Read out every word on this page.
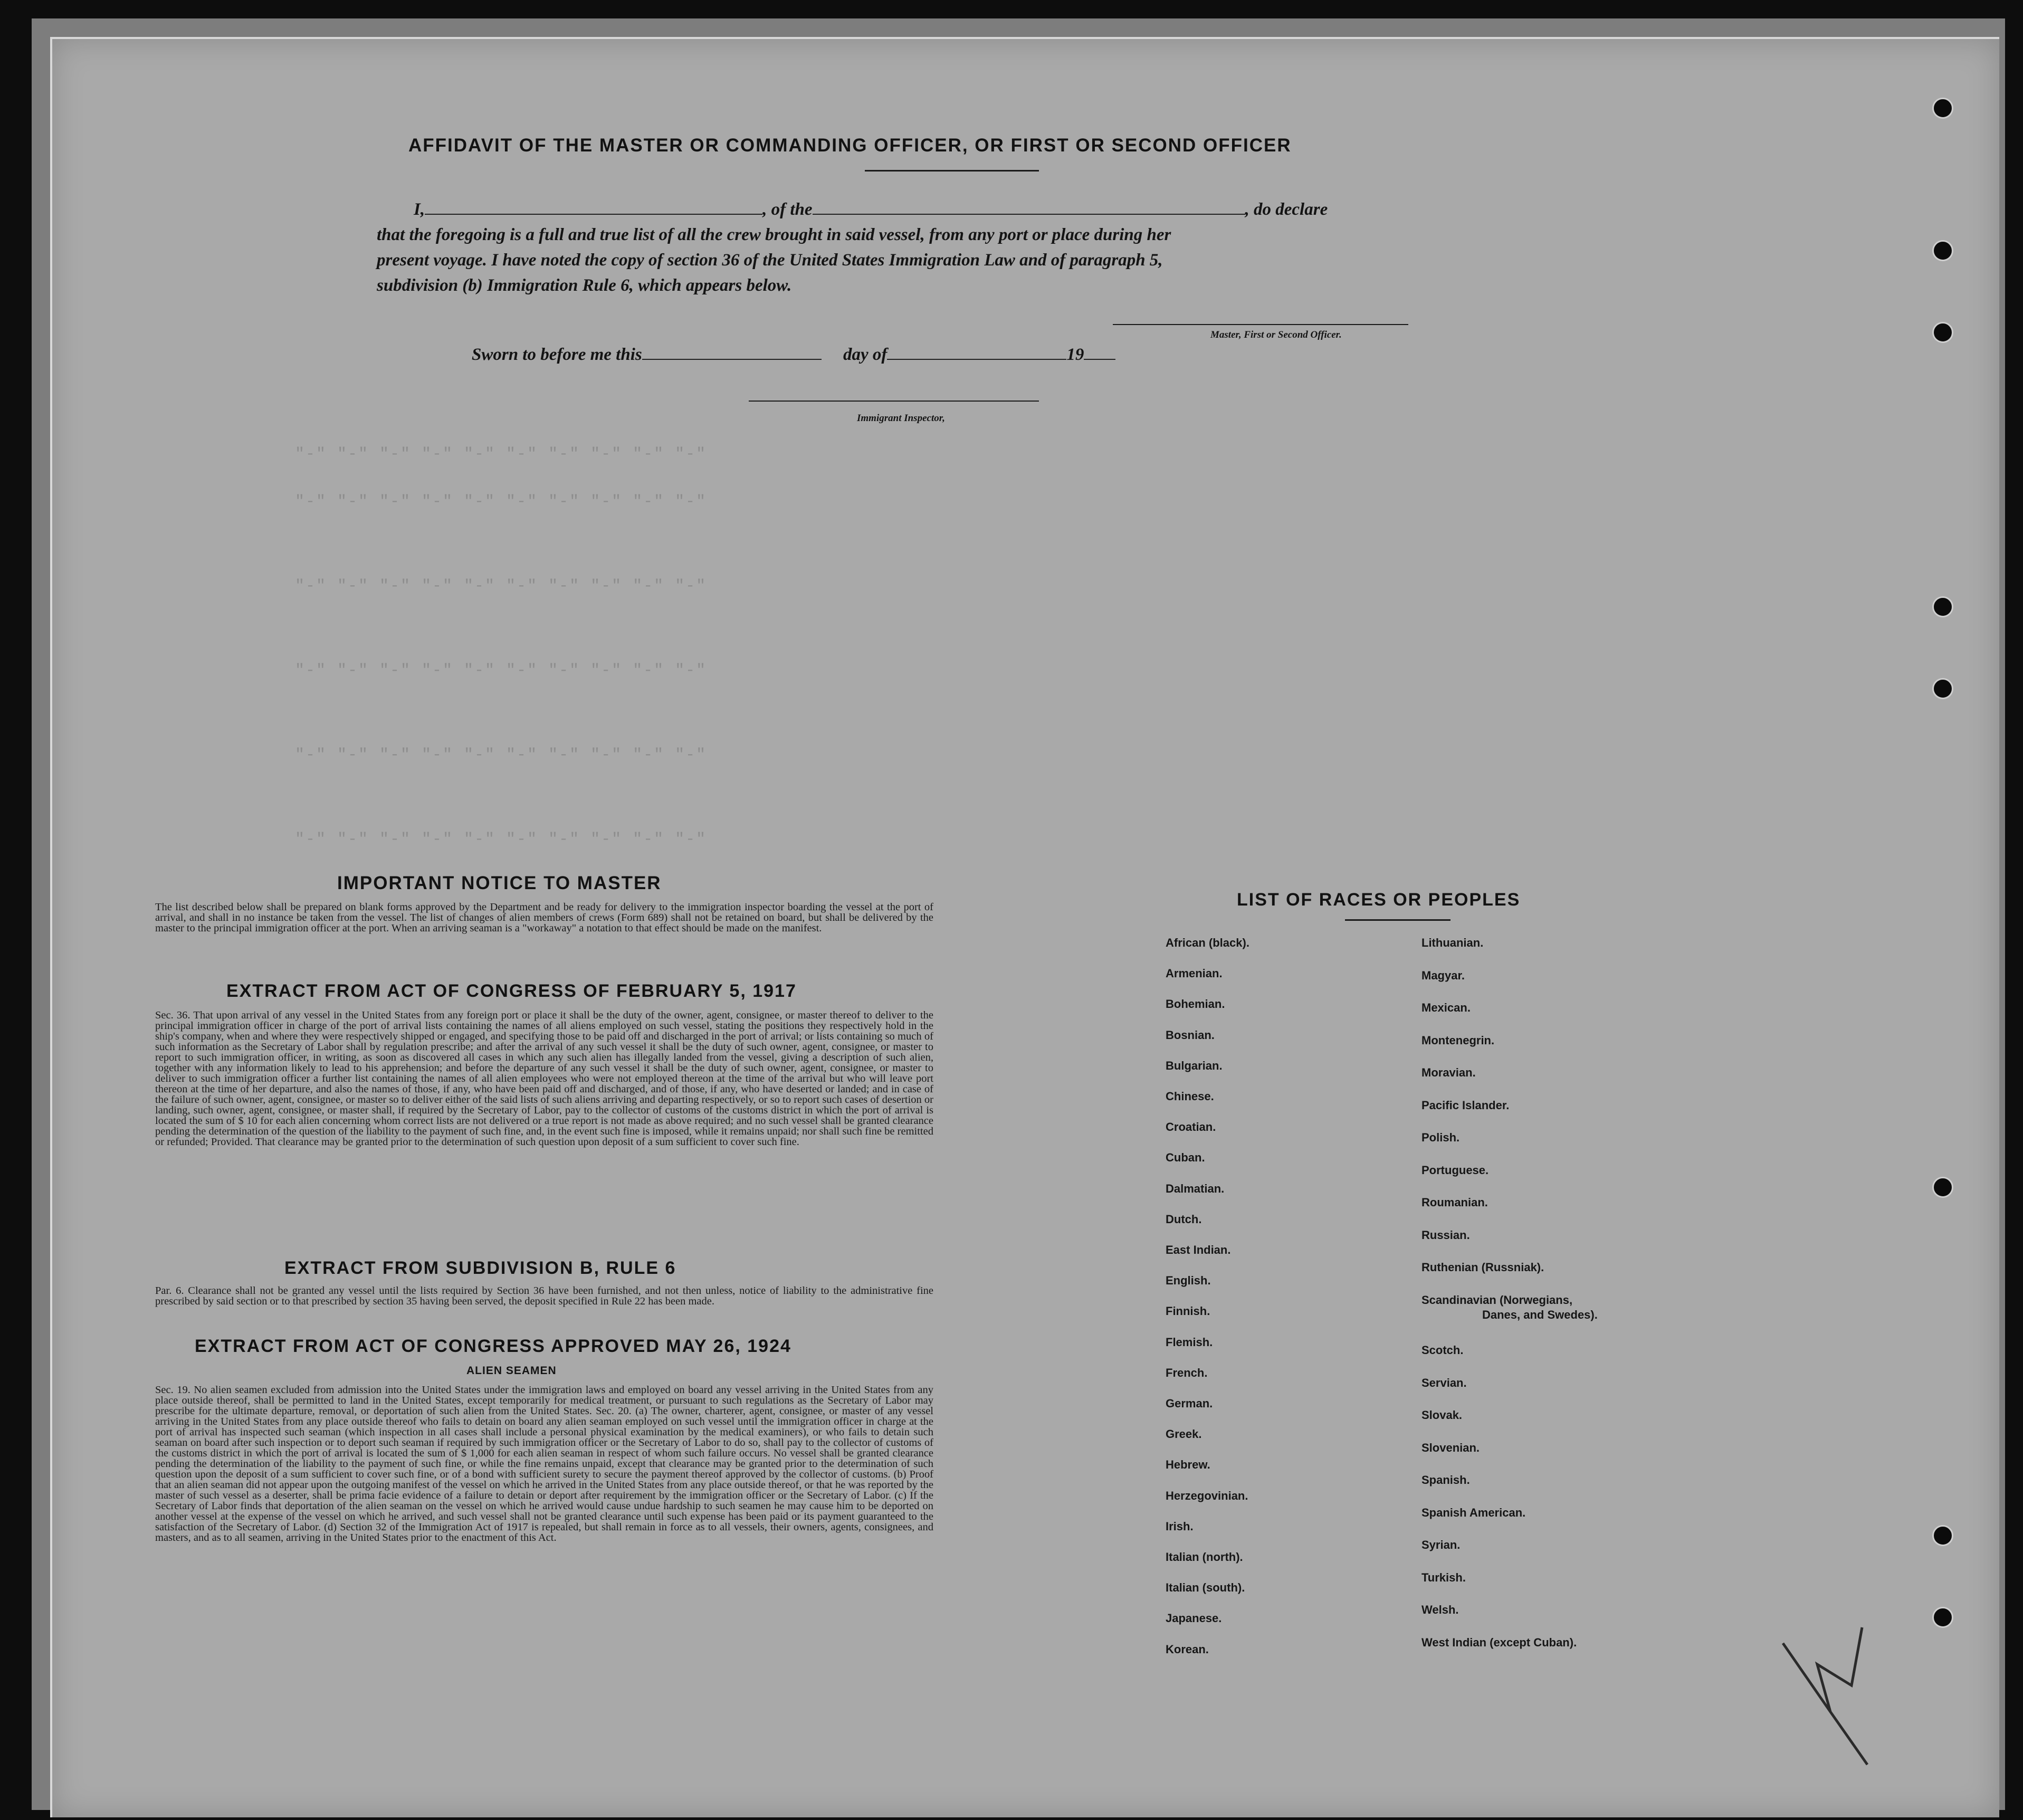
"-" "-" "-" "-" "-" "-" "-" "-" "-" "-"
"-" "-" "-" "-" "-" "-" "-" "-" "-" "-"
"-" "-" "-" "-" "-" "-" "-" "-" "-" "-"
"-" "-" "-" "-" "-" "-" "-" "-" "-" "-"
"-" "-" "-" "-" "-" "-" "-" "-" "-" "-"
"-" "-" "-" "-" "-" "-" "-" "-" "-" "-"
AFFIDAVIT OF THE MASTER OR COMMANDING OFFICER, OR FIRST OR SECOND OFFICER
I,	, of the	, do declare
that the foregoing is a full and true list of all the crew brought in said vessel, from any port or place during her
present voyage. I have noted the copy of section 36 of the United States Immigration Law and of paragraph 5,
subdivision (b) Immigration Rule 6, which appears below.
Master, First or Second Officer.
Sworn to before me this	day of	19
Immigrant Inspector,
IMPORTANT NOTICE TO MASTER
The list described below shall be prepared on blank forms approved by the Department and be ready for delivery to the immigration inspector boarding the vessel at the port of arrival, and shall in no instance be taken from the vessel. The list of changes of alien members of crews (Form 689) shall not be retained on board, but shall be delivered by the master to the principal immigration officer at the port. When an arriving seaman is a "workaway" a notation to that effect should be made on the manifest.
EXTRACT FROM ACT OF CONGRESS OF FEBRUARY 5, 1917
Sec. 36. That upon arrival of any vessel in the United States from any foreign port or place it shall be the duty of the owner, agent, consignee, or master thereof to deliver to the principal immigration officer in charge of the port of arrival lists containing the names of all aliens employed on such vessel, stating the positions they respectively hold in the ship's company, when and where they were respectively shipped or engaged, and specifying those to be paid off and discharged in the port of arrival; or lists containing so much of such information as the Secretary of Labor shall by regulation prescribe; and after the arrival of any such vessel it shall be the duty of such owner, agent, consignee, or master to report to such immigration officer, in writing, as soon as discovered all cases in which any such alien has illegally landed from the vessel, giving a description of such alien, together with any information likely to lead to his apprehension; and before the departure of any such vessel it shall be the duty of such owner, agent, consignee, or master to deliver to such immigration officer a further list containing the names of all alien employees who were not employed thereon at the time of the arrival but who will leave port thereon at the time of her departure, and also the names of those, if any, who have been paid off and discharged, and of those, if any, who have deserted or landed; and in case of the failure of such owner, agent, consignee, or master so to deliver either of the said lists of such aliens arriving and departing respectively, or so to report such cases of desertion or landing, such owner, agent, consignee, or master shall, if required by the Secretary of Labor, pay to the collector of customs of the customs district in which the port of arrival is located the sum of $ 10 for each alien concerning whom correct lists are not delivered or a true report is not made as above required; and no such vessel shall be granted clearance pending the determination of the question of the liability to the payment of such fine, and, in the event such fine is imposed, while it remains unpaid; nor shall such fine be remitted or refunded; Provided. That clearance may be granted prior to the determination of such question upon deposit of a sum sufficient to cover such fine.
EXTRACT FROM SUBDIVISION B, RULE 6
Par. 6. Clearance shall not be granted any vessel until the lists required by Section 36 have been furnished, and not then unless, notice of liability to the administrative fine prescribed by said section or to that prescribed by section 35 having been served, the deposit specified in Rule 22 has been made.
EXTRACT FROM ACT OF CONGRESS APPROVED MAY 26, 1924
ALIEN SEAMEN
Sec. 19. No alien seamen excluded from admission into the United States under the immigration laws and employed on board any vessel arriving in the United States from any place outside thereof, shall be permitted to land in the United States, except temporarily for medical treatment, or pursuant to such regulations as the Secretary of Labor may prescribe for the ultimate departure, removal, or deportation of such alien from the United States. Sec. 20. (a) The owner, charterer, agent, consignee, or master of any vessel arriving in the United States from any place outside thereof who fails to detain on board any alien seaman employed on such vessel until the immigration officer in charge at the port of arrival has inspected such seaman (which inspection in all cases shall include a personal physical examination by the medical examiners), or who fails to detain such seaman on board after such inspection or to deport such seaman if required by such immigration officer or the Secretary of Labor to do so, shall pay to the collector of customs of the customs district in which the port of arrival is located the sum of $ 1,000 for each alien seaman in respect of whom such failure occurs. No vessel shall be granted clearance pending the determination of the liability to the payment of such fine, or while the fine remains unpaid, except that clearance may be granted prior to the determination of such question upon the deposit of a sum sufficient to cover such fine, or of a bond with sufficient surety to secure the payment thereof approved by the collector of customs. (b) Proof that an alien seaman did not appear upon the outgoing manifest of the vessel on which he arrived in the United States from any place outside thereof, or that he was reported by the master of such vessel as a deserter, shall be prima facie evidence of a failure to detain or deport after requirement by the immigration officer or the Secretary of Labor. (c) If the Secretary of Labor finds that deportation of the alien seaman on the vessel on which he arrived would cause undue hardship to such seamen he may cause him to be deported on another vessel at the expense of the vessel on which he arrived, and such vessel shall not be granted clearance until such expense has been paid or its payment guaranteed to the satisfaction of the Secretary of Labor. (d) Section 32 of the Immigration Act of 1917 is repealed, but shall remain in force as to all vessels, their owners, agents, consignees, and masters, and as to all seamen, arriving in the United States prior to the enactment of this Act.
LIST OF RACES OR PEOPLES
African (black).
Armenian.
Bohemian.
Bosnian.
Bulgarian.
Chinese.
Croatian.
Cuban.
Dalmatian.
Dutch.
East Indian.
English.
Finnish.
Flemish.
French.
German.
Greek.
Hebrew.
Herzegovinian.
Irish.
Italian (north).
Italian (south).
Japanese.
Korean.
Lithuanian.
Magyar.
Mexican.
Montenegrin.
Moravian.
Pacific Islander.
Polish.
Portuguese.
Roumanian.
Russian.
Ruthenian (Russniak).
Scandinavian (Norwegians,
Danes, and Swedes).
Scotch.
Servian.
Slovak.
Slovenian.
Spanish.
Spanish American.
Syrian.
Turkish.
Welsh.
West Indian (except Cuban).
